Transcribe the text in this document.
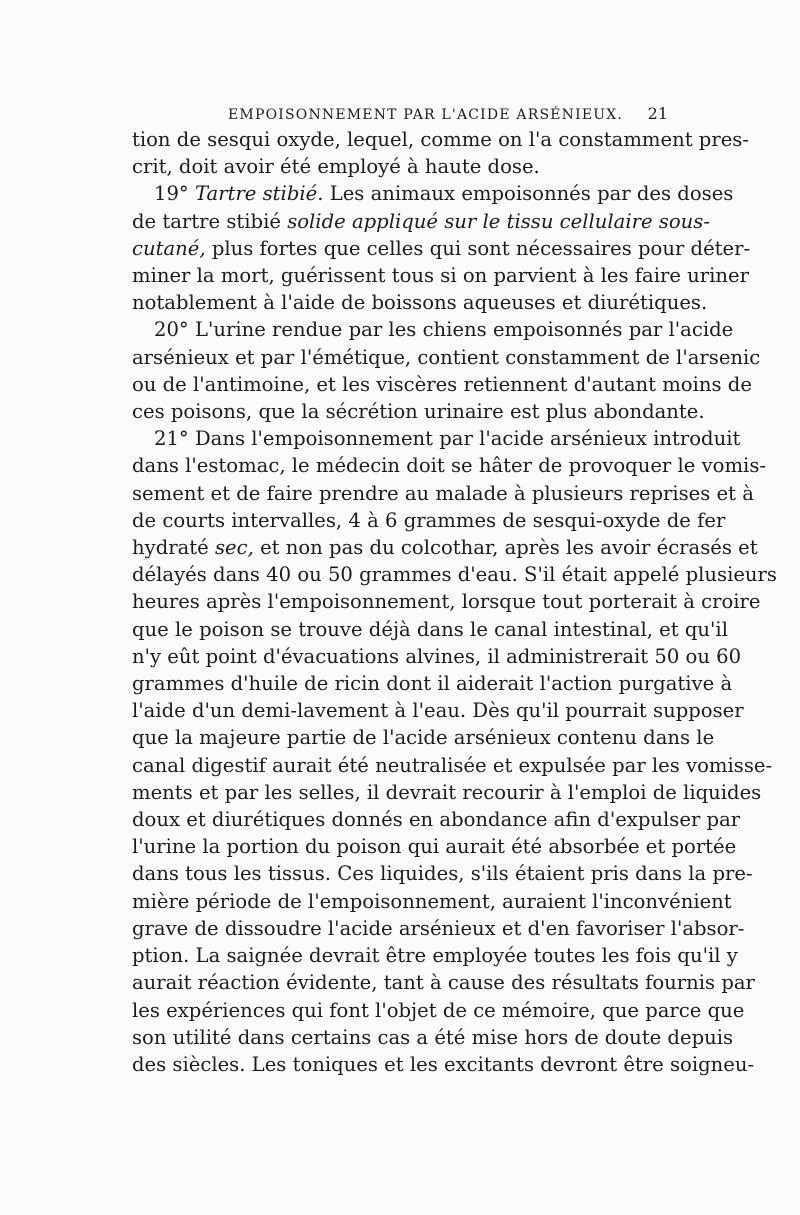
EMPOISONNEMENT PAR L'ACIDE ARSÉNIEUX. 21
tion de sesqui oxyde, lequel, comme on l'a constamment pres-
crit, doit avoir été employé à haute dose.
19° Tartre stibié. Les animaux empoisonnés par des doses
de tartre stibié solide appliqué sur le tissu cellulaire sous-
cutané, plus fortes que celles qui sont nécessaires pour déter-
miner la mort, guérissent tous si on parvient à les faire uriner
notablement à l'aide de boissons aqueuses et diurétiques.
20° L'urine rendue par les chiens empoisonnés par l'acide
arsénieux et par l'émétique, contient constamment de l'arsenic
ou de l'antimoine, et les viscères retiennent d'autant moins de
ces poisons, que la sécrétion urinaire est plus abondante.
21° Dans l'empoisonnement par l'acide arsénieux introduit
dans l'estomac, le médecin doit se hâter de provoquer le vomis-
sement et de faire prendre au malade à plusieurs reprises et à
de courts intervalles, 4 à 6 grammes de sesqui-oxyde de fer
hydraté sec, et non pas du colcothar, après les avoir écrasés et
délayés dans 40 ou 50 grammes d'eau. S'il était appelé plusieurs
heures après l'empoisonnement, lorsque tout porterait à croire
que le poison se trouve déjà dans le canal intestinal, et qu'il
n'y eût point d'évacuations alvines, il administrerait 50 ou 60
grammes d'huile de ricin dont il aiderait l'action purgative à
l'aide d'un demi-lavement à l'eau. Dès qu'il pourrait supposer
que la majeure partie de l'acide arsénieux contenu dans le
canal digestif aurait été neutralisée et expulsée par les vomisse-
ments et par les selles, il devrait recourir à l'emploi de liquides
doux et diurétiques donnés en abondance afin d'expulser par
l'urine la portion du poison qui aurait été absorbée et portée
dans tous les tissus. Ces liquides, s'ils étaient pris dans la pre-
mière période de l'empoisonnement, auraient l'inconvénient
grave de dissoudre l'acide arsénieux et d'en favoriser l'absor-
ption. La saignée devrait être employée toutes les fois qu'il y
aurait réaction évidente, tant à cause des résultats fournis par
les expériences qui font l'objet de ce mémoire, que parce que
son utilité dans certains cas a été mise hors de doute depuis
des siècles. Les toniques et les excitants devront être soigneu-
